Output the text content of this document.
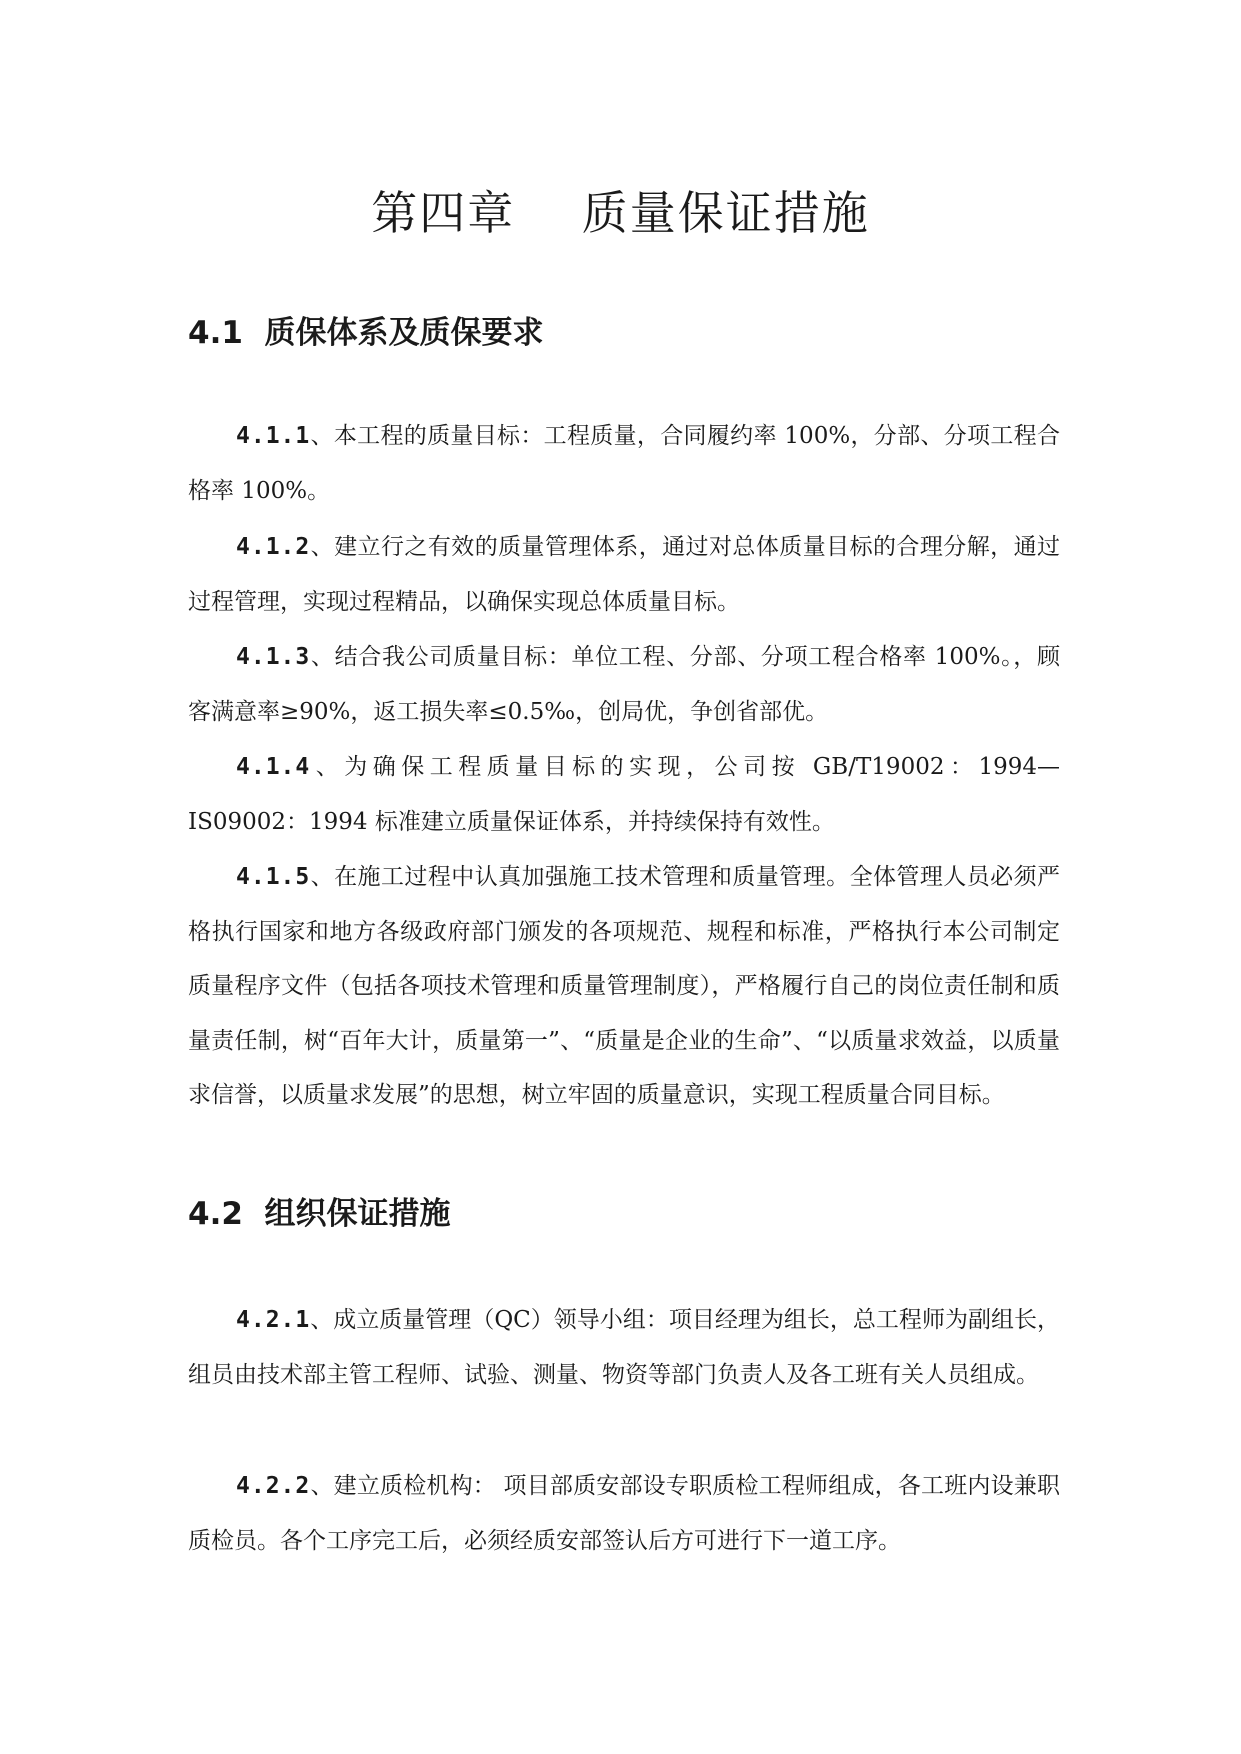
第四章    质量保证措施
4.1  质保体系及质保要求

4.1.1、本工程的质量目标：工程质量，合同履约率 100%，分部、分项工程合格率 100%。

4.1.2、建立行之有效的质量管理体系，通过对总体质量目标的合理分解，通过过程管理，实现过程精品，以确保实现总体质量目标。

4.1.3、结合我公司质量目标：单位工程、分部、分项工程合格率 100%。，顾客满意率≥90%，返工损失率≤0.5‰，创局优，争创省部优。

4.1.4、为确保工程质量目标的实现，公司按 GB/T19002：1994—IS09002：1994 标准建立质量保证体系，并持续保持有效性。

4.1.5、在施工过程中认真加强施工技术管理和质量管理。全体管理人员必须严格执行国家和地方各级政府部门颁发的各项规范、规程和标准，严格执行本公司制定质量程序文件（包括各项技术管理和质量管理制度），严格履行自己的岗位责任制和质量责任制，树“百年大计，质量第一”、“质量是企业的生命”、“以质量求效益，以质量求信誉，以质量求发展”的思想，树立牢固的质量意识，实现工程质量合同目标。

4.2  组织保证措施

4.2.1、成立质量管理（QC）领导小组：项目经理为组长，总工程师为副组长，组员由技术部主管工程师、试验、测量、物资等部门负责人及各工班有关人员组成。

4.2.2、建立质检机构： 项目部质安部设专职质检工程师组成，各工班内设兼职质检员。各个工序完工后，必须经质安部签认后方可进行下一道工序。
